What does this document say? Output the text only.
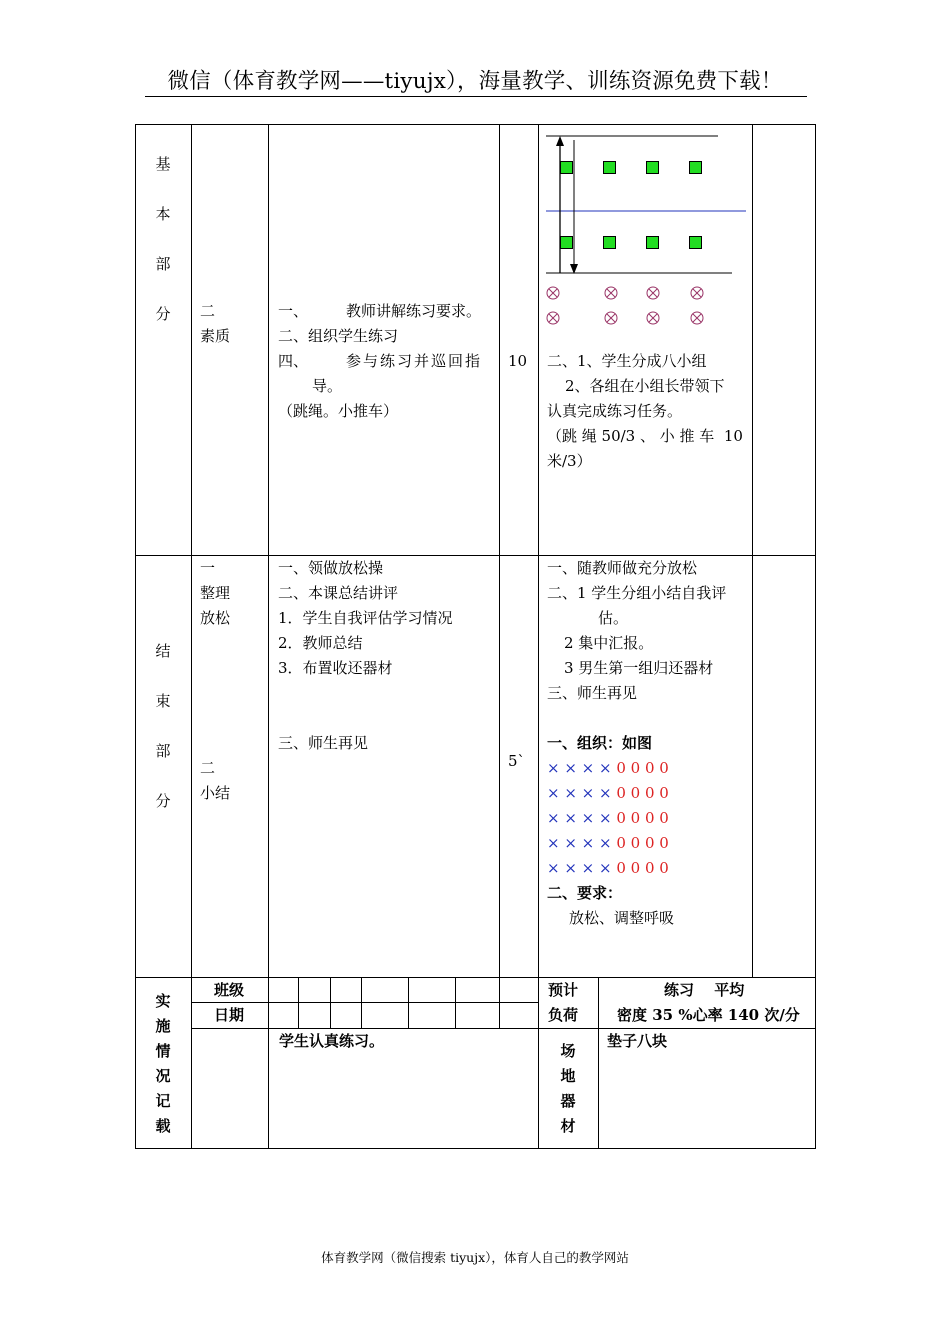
微信（体育教学网——tiyujx），海量教学、训练资源免费下载！
基
本
部
分 二
素质
一、	教师讲解练习要求。
二、组织学生练习
四、	参与练习并巡回指
导。
（跳绳。小推车）
10 二、1、学生分成八小组
2、各组在小组长带领下
认真完成练习任务。
（跳 绳 50/3 、 小 推 车  10
米/3）
结
束
部
分
一
整理
放松
二
小结
一、领做放松操
二、本课总结讲评
1．学生自我评估学习情况
2．教师总结
3．布置收还器材
三、师生再见
5`
一、随教师做充分放松
二、1 学生分组小结自我评
估。
2 集中汇报。
3 男生第一组归还器材
三、师生再见
一、组织：如图
× × × × 0 0 0 0
× × × × 0 0 0 0
× × × × 0 0 0 0
× × × × 0 0 0 0
× × × × 0 0 0 0
二、要求：
放松、调整呼吸
实
施
情
况
记
载
班级
日期
预计
负荷
练习　 平均
密度 35 %心率 140 次/分
学生认真练习。
场
地
器
材
垫子八块
体育教学网（微信搜索 tiyujx），体育人自己的教学网站
